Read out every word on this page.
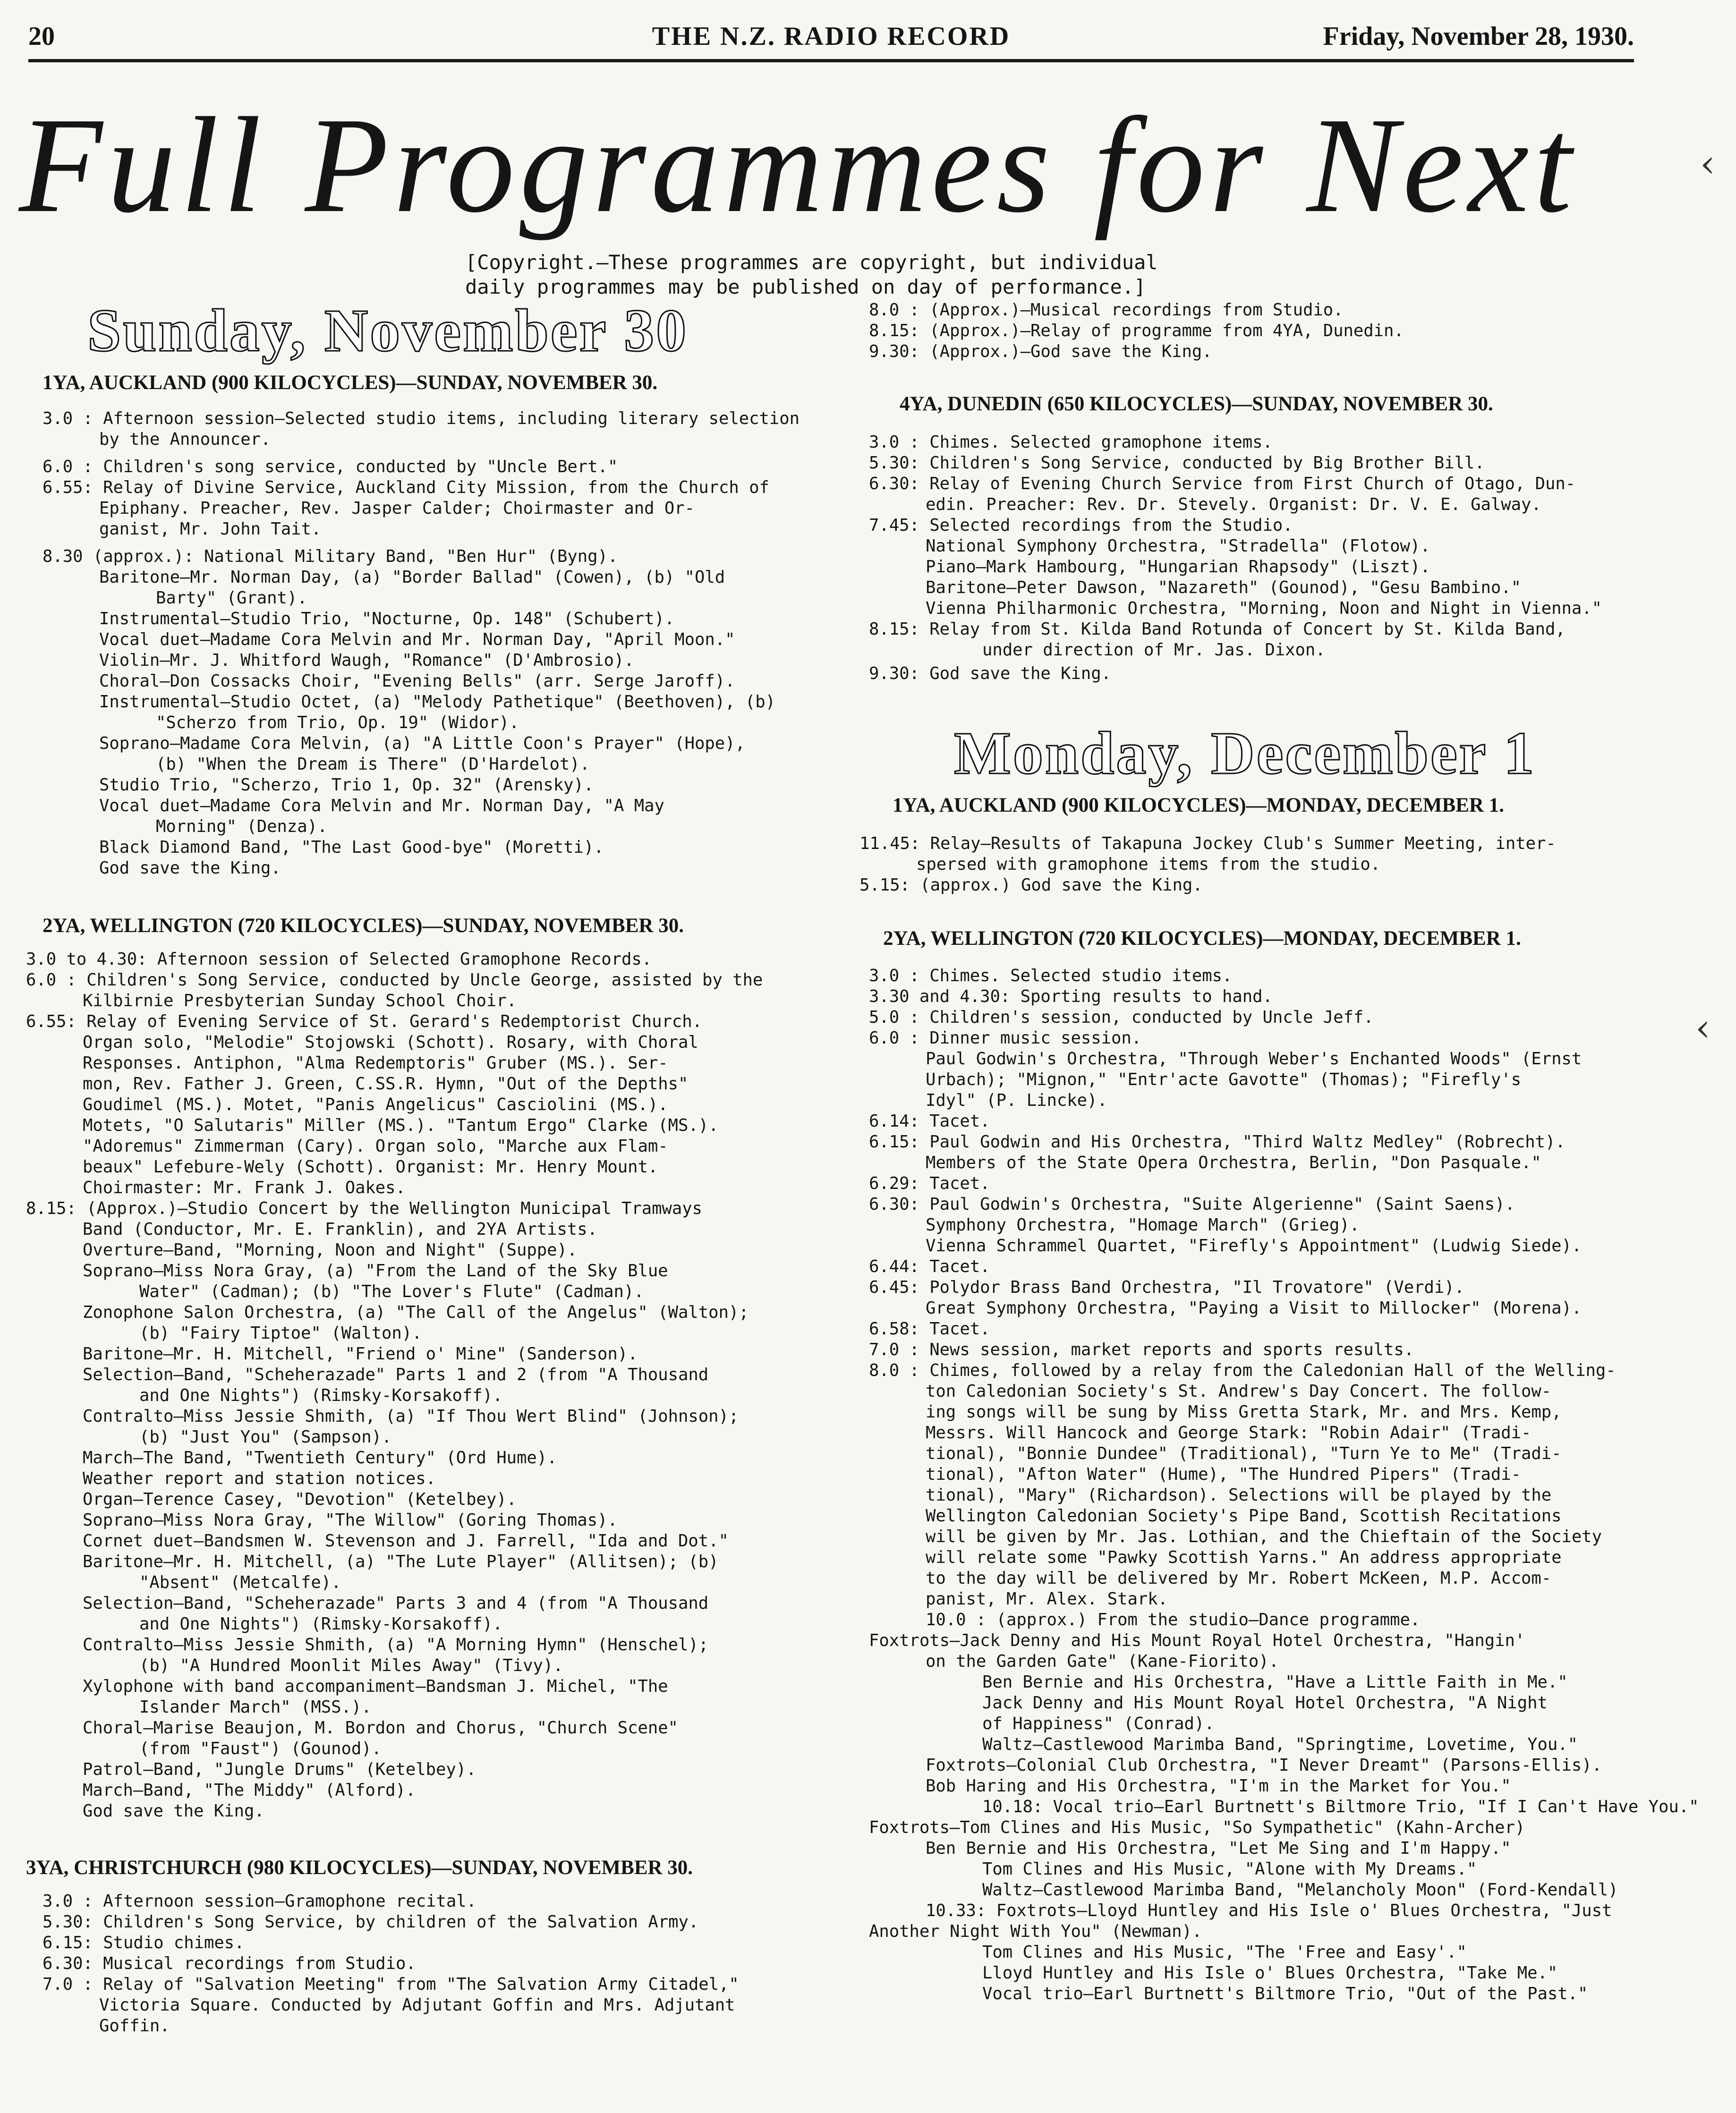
20	THE N.Z. RADIO RECORD	Friday, November 28, 1930.
Full Programmes for Next
[Copyright.—These programmes are copyright, but individual
daily programmes may be published on day of performance.]
Sunday, November 30
1YA, AUCKLAND (900 KILOCYCLES)—SUNDAY, NOVEMBER 30.
3.0 : Afternoon session—Selected studio items, including literary selection
by the Announcer.
6.0 : Children's song service, conducted by "Uncle Bert."
6.55: Relay of Divine Service, Auckland City Mission, from the Church of
Epiphany. Preacher, Rev. Jasper Calder; Choirmaster and Or-
ganist, Mr. John Tait.
8.30 (approx.): National Military Band, "Ben Hur" (Byng).
Baritone—Mr. Norman Day, (a) "Border Ballad" (Cowen), (b) "Old
Barty" (Grant).
Instrumental—Studio Trio, "Nocturne, Op. 148" (Schubert).
Vocal duet—Madame Cora Melvin and Mr. Norman Day, "April Moon."
Violin—Mr. J. Whitford Waugh, "Romance" (D'Ambrosio).
Choral—Don Cossacks Choir, "Evening Bells" (arr. Serge Jaroff).
Instrumental—Studio Octet, (a) "Melody Pathetique" (Beethoven), (b)
"Scherzo from Trio, Op. 19" (Widor).
Soprano—Madame Cora Melvin, (a) "A Little Coon's Prayer" (Hope),
(b) "When the Dream is There" (D'Hardelot).
Studio Trio, "Scherzo, Trio 1, Op. 32" (Arensky).
Vocal duet—Madame Cora Melvin and Mr. Norman Day, "A May
Morning" (Denza).
Black Diamond Band, "The Last Good-bye" (Moretti).
God save the King.
2YA, WELLINGTON (720 KILOCYCLES)—SUNDAY, NOVEMBER 30.
3.0 to 4.30: Afternoon session of Selected Gramophone Records.
6.0 : Children's Song Service, conducted by Uncle George, assisted by the
Kilbirnie Presbyterian Sunday School Choir.
6.55: Relay of Evening Service of St. Gerard's Redemptorist Church.
Organ solo, "Melodie" Stojowski (Schott). Rosary, with Choral
Responses. Antiphon, "Alma Redemptoris" Gruber (MS.). Ser-
mon, Rev. Father J. Green, C.SS.R. Hymn, "Out of the Depths"
Goudimel (MS.). Motet, "Panis Angelicus" Casciolini (MS.).
Motets, "O Salutaris" Miller (MS.). "Tantum Ergo" Clarke (MS.).
"Adoremus" Zimmerman (Cary). Organ solo, "Marche aux Flam-
beaux" Lefebure-Wely (Schott). Organist: Mr. Henry Mount.
Choirmaster: Mr. Frank J. Oakes.
8.15: (Approx.)—Studio Concert by the Wellington Municipal Tramways
Band (Conductor, Mr. E. Franklin), and 2YA Artists.
Overture—Band, "Morning, Noon and Night" (Suppe).
Soprano—Miss Nora Gray, (a) "From the Land of the Sky Blue
Water" (Cadman); (b) "The Lover's Flute" (Cadman).
Zonophone Salon Orchestra, (a) "The Call of the Angelus" (Walton);
(b) "Fairy Tiptoe" (Walton).
Baritone—Mr. H. Mitchell, "Friend o' Mine" (Sanderson).
Selection—Band, "Scheherazade" Parts 1 and 2 (from "A Thousand
and One Nights") (Rimsky-Korsakoff).
Contralto—Miss Jessie Shmith, (a) "If Thou Wert Blind" (Johnson);
(b) "Just You" (Sampson).
March—The Band, "Twentieth Century" (Ord Hume).
Weather report and station notices.
Organ—Terence Casey, "Devotion" (Ketelbey).
Soprano—Miss Nora Gray, "The Willow" (Goring Thomas).
Cornet duet—Bandsmen W. Stevenson and J. Farrell, "Ida and Dot."
Baritone—Mr. H. Mitchell, (a) "The Lute Player" (Allitsen); (b)
"Absent" (Metcalfe).
Selection—Band, "Scheherazade" Parts 3 and 4 (from "A Thousand
and One Nights") (Rimsky-Korsakoff).
Contralto—Miss Jessie Shmith, (a) "A Morning Hymn" (Henschel);
(b) "A Hundred Moonlit Miles Away" (Tivy).
Xylophone with band accompaniment—Bandsman J. Michel, "The
Islander March" (MSS.).
Choral—Marise Beaujon, M. Bordon and Chorus, "Church Scene"
(from "Faust") (Gounod).
Patrol—Band, "Jungle Drums" (Ketelbey).
March—Band, "The Middy" (Alford).
God save the King.
3YA, CHRISTCHURCH (980 KILOCYCLES)—SUNDAY, NOVEMBER 30.
3.0 : Afternoon session—Gramophone recital.
5.30: Children's Song Service, by children of the Salvation Army.
6.15: Studio chimes.
6.30: Musical recordings from Studio.
7.0 : Relay of "Salvation Meeting" from "The Salvation Army Citadel,"
Victoria Square. Conducted by Adjutant Goffin and Mrs. Adjutant
Goffin.
8.0 : (Approx.)—Musical recordings from Studio.
8.15: (Approx.)—Relay of programme from 4YA, Dunedin.
9.30: (Approx.)—God save the King.
4YA, DUNEDIN (650 KILOCYCLES)—SUNDAY, NOVEMBER 30.
3.0 : Chimes. Selected gramophone items.
5.30: Children's Song Service, conducted by Big Brother Bill.
6.30: Relay of Evening Church Service from First Church of Otago, Dun-
edin. Preacher: Rev. Dr. Stevely. Organist: Dr. V. E. Galway.
7.45: Selected recordings from the Studio.
National Symphony Orchestra, "Stradella" (Flotow).
Piano—Mark Hambourg, "Hungarian Rhapsody" (Liszt).
Baritone—Peter Dawson, "Nazareth" (Gounod), "Gesu Bambino."
Vienna Philharmonic Orchestra, "Morning, Noon and Night in Vienna."
8.15: Relay from St. Kilda Band Rotunda of Concert by St. Kilda Band,
under direction of Mr. Jas. Dixon.
9.30: God save the King.
Monday, December 1
1YA, AUCKLAND (900 KILOCYCLES)—MONDAY, DECEMBER 1.
11.45: Relay—Results of Takapuna Jockey Club's Summer Meeting, inter-
spersed with gramophone items from the studio.
5.15: (approx.) God save the King.
2YA, WELLINGTON (720 KILOCYCLES)—MONDAY, DECEMBER 1.
3.0 : Chimes. Selected studio items.
3.30 and 4.30: Sporting results to hand.
5.0 : Children's session, conducted by Uncle Jeff.
6.0 : Dinner music session.
Paul Godwin's Orchestra, "Through Weber's Enchanted Woods" (Ernst
Urbach); "Mignon," "Entr'acte Gavotte" (Thomas); "Firefly's
Idyl" (P. Lincke).
6.14: Tacet.
6.15: Paul Godwin and His Orchestra, "Third Waltz Medley" (Robrecht).
Members of the State Opera Orchestra, Berlin, "Don Pasquale."
6.29: Tacet.
6.30: Paul Godwin's Orchestra, "Suite Algerienne" (Saint Saens).
Symphony Orchestra, "Homage March" (Grieg).
Vienna Schrammel Quartet, "Firefly's Appointment" (Ludwig Siede).
6.44: Tacet.
6.45: Polydor Brass Band Orchestra, "Il Trovatore" (Verdi).
Great Symphony Orchestra, "Paying a Visit to Millocker" (Morena).
6.58: Tacet.
7.0 : News session, market reports and sports results.
8.0 : Chimes, followed by a relay from the Caledonian Hall of the Welling-
ton Caledonian Society's St. Andrew's Day Concert. The follow-
ing songs will be sung by Miss Gretta Stark, Mr. and Mrs. Kemp,
Messrs. Will Hancock and George Stark: "Robin Adair" (Tradi-
tional), "Bonnie Dundee" (Traditional), "Turn Ye to Me" (Tradi-
tional), "Afton Water" (Hume), "The Hundred Pipers" (Tradi-
tional), "Mary" (Richardson). Selections will be played by the
Wellington Caledonian Society's Pipe Band, Scottish Recitations
will be given by Mr. Jas. Lothian, and the Chieftain of the Society
will relate some "Pawky Scottish Yarns." An address appropriate
to the day will be delivered by Mr. Robert McKeen, M.P. Accom-
panist, Mr. Alex. Stark.
10.0 : (approx.) From the studio—Dance programme.
Foxtrots—Jack Denny and His Mount Royal Hotel Orchestra, "Hangin'
on the Garden Gate" (Kane-Fiorito).
Ben Bernie and His Orchestra, "Have a Little Faith in Me."
Jack Denny and His Mount Royal Hotel Orchestra, "A Night
of Happiness" (Conrad).
Waltz—Castlewood Marimba Band, "Springtime, Lovetime, You."
Foxtrots—Colonial Club Orchestra, "I Never Dreamt" (Parsons-Ellis).
Bob Haring and His Orchestra, "I'm in the Market for You."
10.18: Vocal trio—Earl Burtnett's Biltmore Trio, "If I Can't Have You."
Foxtrots—Tom Clines and His Music, "So Sympathetic" (Kahn-Archer)
Ben Bernie and His Orchestra, "Let Me Sing and I'm Happy."
Tom Clines and His Music, "Alone with My Dreams."
Waltz—Castlewood Marimba Band, "Melancholy Moon" (Ford-Kendall)
10.33: Foxtrots—Lloyd Huntley and His Isle o' Blues Orchestra, "Just
Another Night With You" (Newman).
Tom Clines and His Music, "The 'Free and Easy'."
Lloyd Huntley and His Isle o' Blues Orchestra, "Take Me."
Vocal trio—Earl Burtnett's Biltmore Trio, "Out of the Past."
‹
‹
